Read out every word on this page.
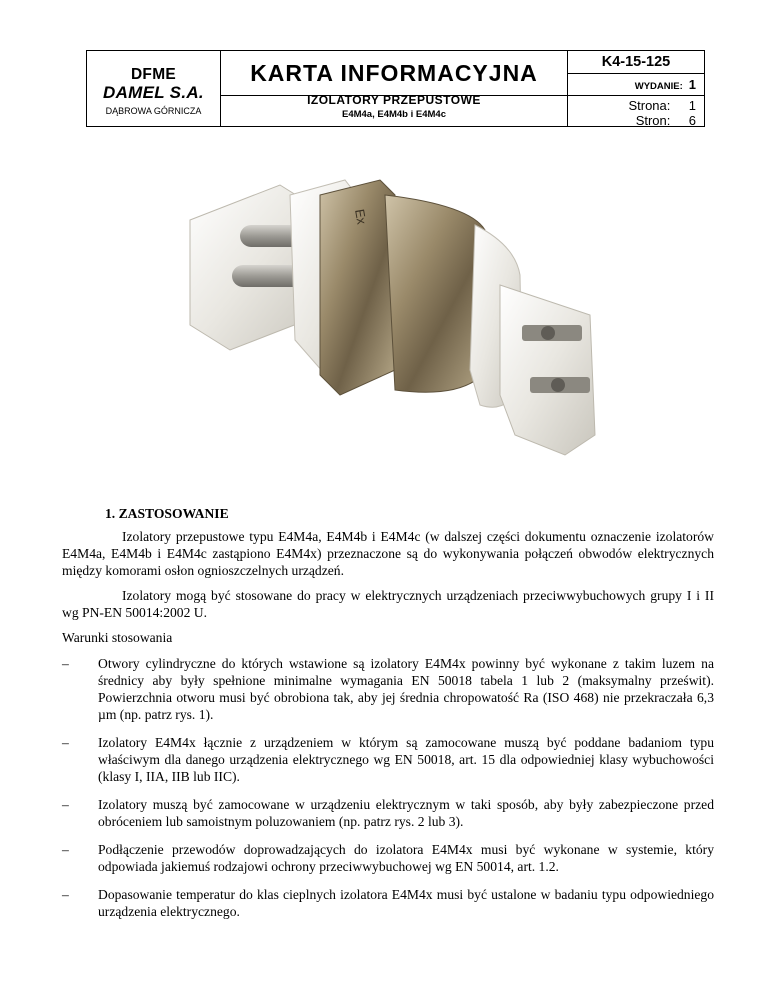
DFME
DAMEL S.A.
DĄBROWA GÓRNICZA
KARTA INFORMACYJNA
IZOLATORY PRZEPUSTOWE
E4M4a, E4M4b i E4M4c
K4-15-125
WYDANIE: 1
Strona: 1
Stron: 6
Ex
1. ZASTOSOWANIE

Izolatory przepustowe typu E4M4a, E4M4b i E4M4c (w dalszej części dokumentu oznaczenie izolatorów E4M4a, E4M4b i E4M4c zastąpiono E4M4x) przeznaczone są do wykonywania połączeń obwodów elektrycznych między komorami osłon ognioszczelnych urządzeń.

Izolatory mogą być stosowane do pracy w elektrycznych urządzeniach przeciwwybuchowych grupy I i II wg PN-EN 50014:2002 U.

Warunki stosowania

– Otwory cylindryczne do których wstawione są izolatory E4M4x powinny być wykonane z takim luzem na średnicy aby były spełnione minimalne wymagania EN 50018 tabela 1 lub 2 (maksymalny prześwit). Powierzchnia otworu musi być obrobiona tak, aby jej średnia chropowatość Ra (ISO 468) nie przekraczała 6,3 µm (np. patrz rys. 1).
– Izolatory E4M4x łącznie z urządzeniem w którym są zamocowane muszą być poddane badaniom typu właściwym dla danego urządzenia elektrycznego wg EN 50018, art. 15 dla odpowiedniej klasy wybuchowości (klasy I, IIA, IIB lub IIC).
– Izolatory muszą być zamocowane w urządzeniu elektrycznym w taki sposób, aby były zabezpieczone przed obróceniem lub samoistnym poluzowaniem (np. patrz rys. 2 lub 3).
– Podłączenie przewodów doprowadzających do izolatora E4M4x musi być wykonane w systemie, który odpowiada jakiemuś rodzajowi ochrony przeciwwybuchowej wg EN 50014, art. 1.2.
– Dopasowanie temperatur do klas cieplnych izolatora E4M4x musi być ustalone w badaniu typu odpowiedniego urządzenia elektrycznego.
